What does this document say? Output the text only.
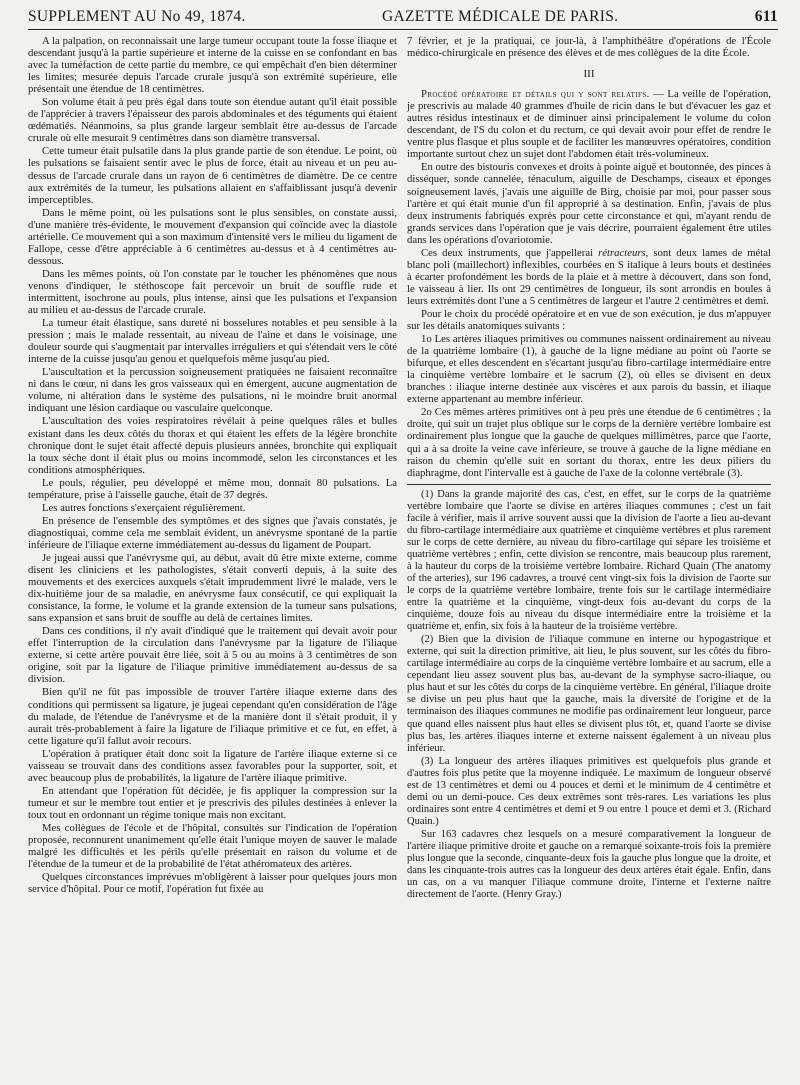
SUPPLEMENT AU No 49, 1874.	GAZETTE MÉDICALE DE PARIS.	611

A la palpation, on reconnaissait une large tumeur occupant toute la fosse iliaque et descendant jusqu'à la partie supérieure et interne de la cuisse en se confondant en bas avec la tuméfaction de cette partie du membre, ce qui empêchait d'en bien déterminer les limites; mesurée depuis l'arcade crurale jusqu'à son extrémité supérieure, elle présentait une étendue de 18 centimètres.

Son volume était à peu près égal dans toute son étendue autant qu'il était possible de l'apprécier à travers l'épaisseur des parois abdominales et des téguments qui étaient œdématiés. Néanmoins, sa plus grande largeur semblait être au-dessus de l'arcade crurale où elle mesurait 9 centimètres dans son diamètre transversal.

Cette tumeur était pulsatile dans la plus grande partie de son étendue. Le point, où les pulsations se faisaient sentir avec le plus de force, était au niveau et un peu au-dessus de l'arcade crurale dans un rayon de 6 centimètres de diamètre. De ce centre aux extrémités de la tumeur, les pulsations allaient en s'affaiblissant jusqu'à devenir imperceptibles.

Dans le même point, où les pulsations sont le plus sensibles, on constate aussi, d'une manière très-évidente, le mouvement d'expansion qui coïncide avec la diastole artérielle. Ce mouvement qui a son maximum d'intensité vers le milieu du ligament de Fallope, cesse d'être appréciable à 6 centimètres au-dessus et à 4 centimètres au-dessous.

Dans les mêmes points, où l'on constate par le toucher les phénomènes que nous venons d'indiquer, le stéthoscope fait percevoir un bruit de souffle rude et intermittent, isochrone au pouls, plus intense, ainsi que les pulsations et l'expansion au milieu et au-dessus de l'arcade crurale.

La tumeur était élastique, sans dureté ni bosselures notables et peu sensible à la pression ; mais le malade ressentait, au niveau de l'aine et dans le voisinage, une douleur sourde qui s'augmentait par intervalles irréguliers et qui s'étendait vers le côté interne de la cuisse jusqu'au genou et quelquefois même jusqu'au pied.

L'auscultation et la percussion soigneusement pratiquées ne faisaient reconnaître ni dans le cœur, ni dans les gros vaisseaux qui en émergent, aucune augmentation de volume, ni altération dans le système des pulsations, ni le moindre bruit anormal indiquant une lésion cardiaque ou vasculaire quelconque.

L'auscultation des voies respiratoires révélait à peine quelques râles et bulles existant dans les deux côtés du thorax et qui étaient les effets de la légère bronchite chronique dont le sujet était affecté depuis plusieurs années, bronchite qui expliquait la toux sèche dont il était plus ou moins incommodé, selon les circonstances et les conditions atmosphériques.

Le pouls, régulier, peu développé et même mou, donnait 80 pulsations. La température, prise à l'aisselle gauche, était de 37 degrés.

Les autres fonctions s'exerçaient régulièrement.

En présence de l'ensemble des symptômes et des signes que j'avais constatés, je diagnostiquai, comme cela me semblait évident, un anévrysme spontané de la partie inférieure de l'iliaque externe immédiatement au-dessus du ligament de Poupart.

Je jugeai aussi que l'anévrysme qui, au début, avait dû être mixte externe, comme disent les cliniciens et les pathologistes, s'était converti depuis, à la suite des mouvements et des exercices auxquels s'était imprudemment livré le malade, vers le dix-huitième jour de sa maladie, en anévrysme faux consécutif, ce qui expliquait la consistance, la forme, le volume et la grande extension de la tumeur sans pulsations, sans expansion et sans bruit de souffle au delà de certaines limites.

Dans ces conditions, il n'y avait d'indiqué que le traitement qui devait avoir pour effet l'interruption de la circulation dans l'anévrysme par la ligature de l'iliaque externe, si cette artère pouvait être liée, soit à 5 ou au moins à 3 centimètres de son origine, soit par la ligature de l'iliaque primitive immédiatement au-dessus de sa division.

Bien qu'il ne fût pas impossible de trouver l'artère iliaque externe dans des conditions qui permissent sa ligature, je jugeai cependant qu'en considération de l'âge du malade, de l'étendue de l'anévrysme et de la manière dont il s'était produit, il y aurait très-probablement à faire la ligature de l'iliaque primitive et ce fut, en effet, à cette ligature qu'il fallut avoir recours.

L'opération à pratiquer était donc soit la ligature de l'artère iliaque externe si ce vaisseau se trouvait dans des conditions assez favorables pour la supporter, soit, et avec beaucoup plus de probabilités, la ligature de l'artère iliaque primitive.

En attendant que l'opération fût décidée, je fis appliquer la compression sur la tumeur et sur le membre tout entier et je prescrivis des pilules destinées à enlever la toux tout en ordonnant un régime tonique mais non excitant.

Mes collègues de l'école et de l'hôpital, consultés sur l'indication de l'opération proposée, reconnurent unanimement qu'elle était l'unique moyen de sauver le malade malgré les difficultés et les périls qu'elle présentait en raison du volume et de l'étendue de la tumeur et de la probabilité de l'état athéromateux des artères.

Quelques circonstances imprévues m'obligèrent à laisser pour quelques jours mon service d'hôpital. Pour ce motif, l'opération fut fixée au

7 février, et je la pratiquai, ce jour-là, à l'amphithéâtre d'opérations de l'École médico-chirurgicale en présence des élèves et de mes collègues de la dite École.

III

Procédé opératoire et détails qui y sont relatifs. — La veille de l'opération, je prescrivis au malade 40 grammes d'huile de ricin dans le but d'évacuer les gaz et autres résidus intestinaux et de diminuer ainsi principalement le volume du colon descendant, de l'S du colon et du rectum, ce qui devait avoir pour effet de rendre le ventre plus flasque et plus souple et de faciliter les manœuvres opératoires, condition importante surtout chez un sujet dont l'abdomen était très-volumineux.

En outre des bistouris convexes et droits à pointe aiguë et boutonnée, des pinces à disséquer, sonde cannelée, ténaculum, aiguille de Deschamps, ciseaux et éponges soigneusement lavés, j'avais une aiguille de Birg, choisie par moi, pour passer sous l'artère et qui était munie d'un fil approprié à sa destination. Enfin, j'avais de plus deux instruments fabriqués exprès pour cette circonstance et qui, m'ayant rendu de grands services dans l'opération que je vais décrire, pourraient également être utiles dans les opérations d'ovariotomie.

Ces deux instruments, que j'appellerai rétracteurs, sont deux lames de métal blanc poli (maillechort) inflexibles, courbées en S italique à leurs bouts et destinées à écarter profondément les bords de la plaie et à mettre à découvert, dans son fond, le vaisseau à lier. Ils ont 29 centimètres de longueur, ils sont arrondis en boules à leurs extrémités dont l'une a 5 centimètres de largeur et l'autre 2 centimètres et demi.

Pour le choix du procédé opératoire et en vue de son exécution, je dus m'appuyer sur les détails anatomiques suivants :

1o Les artères iliaques primitives ou communes naissent ordinairement au niveau de la quatrième lombaire (1), à gauche de la ligne médiane au point où l'aorte se bifurque, et elles descendent en s'écartant jusqu'au fibro-cartilage intermédiaire entre la cinquième vertèbre lombaire et le sacrum (2), où elles se divisent en deux branches : iliaque interne destinée aux viscères et aux parois du bassin, et iliaque externe appartenant au membre inférieur.

2o Ces mêmes artères primitives ont à peu près une étendue de 6 centimètres ; la droite, qui suit un trajet plus oblique sur le corps de la dernière vertèbre lombaire est ordinairement plus longue que la gauche de quelques millimètres, parce que l'aorte, qui a à sa droite la veine cave inférieure, se trouve à gauche de la ligne médiane en raison du chemin qu'elle suit en sortant du thorax, entre les deux piliers du diaphragme, dont l'intervalle est à gauche de l'axe de la colonne vertébrale (3).

(1) Dans la grande majorité des cas, c'est, en effet, sur le corps de la quatrième vertèbre lombaire que l'aorte se divise en artères iliaques communes ; c'est un fait facile à vérifier, mais il arrive souvent aussi que la division de l'aorte a lieu au-devant du fibro-cartilage intermédiaire aux quatrième et cinquième vertèbres et plus rarement sur le corps de cette dernière, au niveau du fibro-cartilage qui sépare les troisième et quatrième vertèbres ; enfin, cette division se rencontre, mais beaucoup plus rarement, à la hauteur du corps de la troisième vertèbre lombaire. Richard Quain (The anatomy of the arteries), sur 196 cadavres, a trouvé cent vingt-six fois la division de l'aorte sur le corps de la quatrième vertèbre lombaire, trente fois sur le cartilage intermédiaire entre la quatrième et la cinquième, vingt-deux fois au-devant du corps de la cinquième, douze fois au niveau du disque intermédiaire entre la troisième et la quatrième et, enfin, six fois à la hauteur de la troisième vertèbre.

(2) Bien que la division de l'iliaque commune en interne ou hypogastrique et externe, qui suit la direction primitive, ait lieu, le plus souvent, sur les côtés du fibro-cartilage intermédiaire au corps de la cinquième vertèbre lombaire et au sacrum, elle a cependant lieu assez souvent plus bas, au-devant de la symphyse sacro-iliaque, ou plus haut et sur les côtés du corps de la cinquième vertèbre. En général, l'iliaque droite se divise un peu plus haut que la gauche, mais la diversité de l'origine et de la terminaison des iliaques communes ne modifie pas ordinairement leur longueur, parce que quand elles naissent plus haut elles se divisent plus tôt, et, quand l'aorte se divise plus bas, les artères iliaques interne et externe naissent également à un niveau plus inférieur.

(3) La longueur des artères iliaques primitives est quelquefois plus grande et d'autres fois plus petite que la moyenne indiquée. Le maximum de longueur observé est de 13 centimètres et demi ou 4 pouces et demi et le minimum de 4 centimètre et demi ou un demi-pouce. Ces deux extrêmes sont très-rares. Les variations les plus ordinaires sont entre 4 centimètres et demi et 9 ou entre 1 pouce et demi et 3. (Richard Quain.)

Sur 163 cadavres chez lesquels on a mesuré comparativement la longueur de l'artère iliaque primitive droite et gauche on a remarqué soixante-trois fois la première plus longue que la seconde, cinquante-deux fois la gauche plus longue que la droite, et dans les cinquante-trois autres cas la longueur des deux artères était égale. Enfin, dans un cas, on a vu manquer l'iliaque commune droite, l'interne et l'externe naître directement de l'aorte. (Henry Gray.)
